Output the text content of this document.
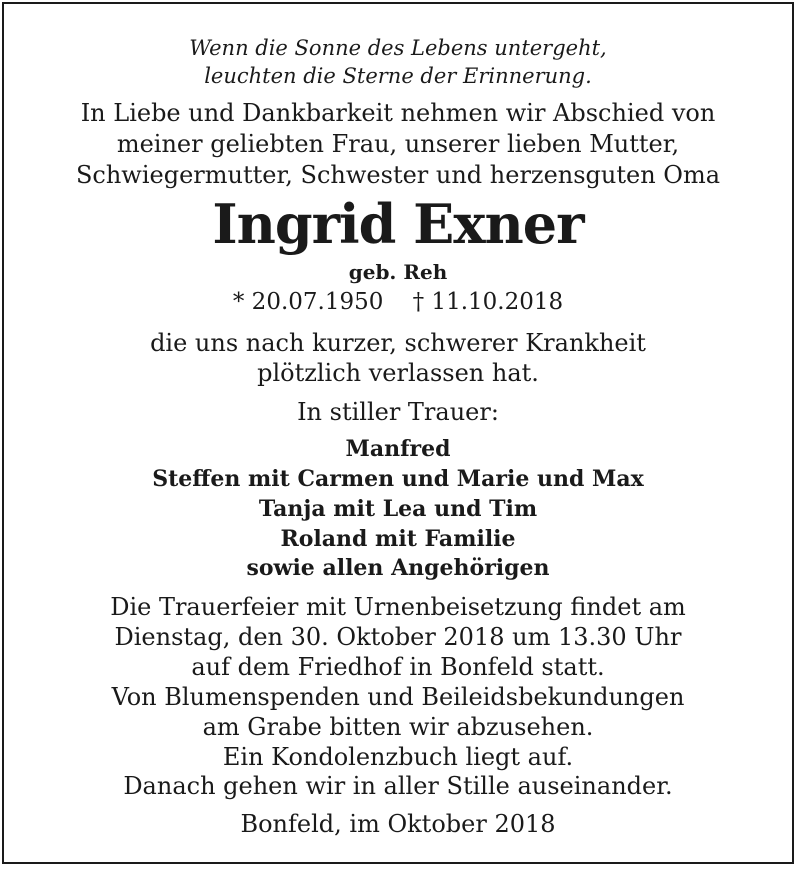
Wenn die Sonne des Lebens untergeht,
leuchten die Sterne der Erinnerung.
In Liebe und Dankbarkeit nehmen wir Abschied von
meiner geliebten Frau, unserer lieben Mutter,
Schwiegermutter, Schwester und herzensguten Oma
Ingrid Exner
geb. Reh
* 20.07.1950    † 11.10.2018
die uns nach kurzer, schwerer Krankheit
plötzlich verlassen hat.
In stiller Trauer:
Manfred
Steffen mit Carmen und Marie und Max
Tanja mit Lea und Tim
Roland mit Familie
sowie allen Angehörigen
Die Trauerfeier mit Urnenbeisetzung findet am
Dienstag, den 30. Oktober 2018 um 13.30 Uhr
auf dem Friedhof in Bonfeld statt.
Von Blumenspenden und Beileidsbekundungen
am Grabe bitten wir abzusehen.
Ein Kondolenzbuch liegt auf.
Danach gehen wir in aller Stille auseinander.
Bonfeld, im Oktober 2018
